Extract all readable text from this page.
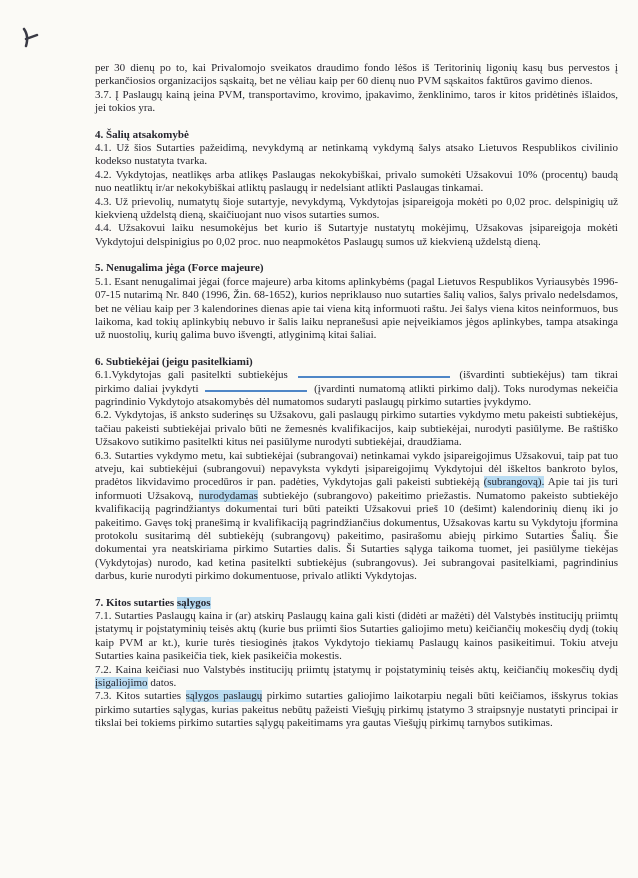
per 30 dienų po to, kai Privalomojo sveikatos draudimo fondo lėšos iš Teritorinių ligonių kasų bus pervestos į perkančiosios organizacijos sąskaitą, bet ne vėliau kaip per 60 dienų nuo PVM sąskaitos faktūros gavimo dienos.

3.7. Į Paslaugų kainą įeina PVM, transportavimo, krovimo, įpakavimo, ženklinimo, taros ir kitos pridėtinės išlaidos, jei tokios yra.

4. Šalių atsakomybė

4.1. Už šios Sutarties pažeidimą, nevykdymą ar netinkamą vykdymą šalys atsako Lietuvos Respublikos civilinio kodekso nustatyta tvarka.

4.2. Vykdytojas, neatlikęs arba atlikęs Paslaugas nekokybiškai, privalo sumokėti Užsakovui 10% (procentų) baudą nuo neatliktų ir/ar nekokybiškai atliktų paslaugų ir nedelsiant atlikti Paslaugas tinkamai.

4.3. Už prievolių, numatytų šioje sutartyje, nevykdymą, Vykdytojas įsipareigoja mokėti po 0,02 proc. delspinigių už kiekvieną uždelstą dieną, skaičiuojant nuo visos sutarties sumos.

4.4. Užsakovui laiku nesumokėjus bet kurio iš Sutartyje nustatytų mokėjimų, Užsakovas įsipareigoja mokėti Vykdytojui delspinigius po 0,02 proc. nuo neapmokėtos Paslaugų sumos už kiekvieną uždelstą dieną.

5. Nenugalima jėga (Force majeure)

5.1. Esant nenugalimai jėgai (force majeure) arba kitoms aplinkybėms (pagal Lietuvos Respublikos Vyriausybės 1996-07-15 nutarimą Nr. 840 (1996, Žin. 68-1652), kurios nepriklauso nuo sutarties šalių valios, šalys privalo nedelsdamos, bet ne vėliau kaip per 3 kalendorines dienas apie tai viena kitą informuoti raštu. Jei šalys viena kitos neinformuos, bus laikoma, kad tokių aplinkybių nebuvo ir šalis laiku nepranešusi apie neįveikiamos jėgos aplinkybes, tampa atsakinga už nuostolių, kurių galima buvo išvengti, atlyginimą kitai šaliai.

6. Subtiekėjai (jeigu pasitelkiami)

6.1.Vykdytojas gali pasitelkti subtiekėjus	(išvardinti subtiekėjus) tam tikrai pirkimo daliai įvykdyti	(įvardinti numatomą atlikti pirkimo dalį). Toks nurodymas nekeičia pagrindinio Vykdytojo atsakomybės dėl numatomos sudaryti paslaugų pirkimo sutarties įvykdymo.

6.2. Vykdytojas, iš anksto suderinęs su Užsakovu, gali paslaugų pirkimo sutarties vykdymo metu pakeisti subtiekėjus, tačiau pakeisti subtiekėjai privalo būti ne žemesnės kvalifikacijos, kaip subtiekėjai, nurodyti pasiūlyme. Be raštiško Užsakovo sutikimo pasitelkti kitus nei pasiūlyme nurodyti subtiekėjai, draudžiama.

6.3. Sutarties vykdymo metu, kai subtiekėjai (subrangovai) netinkamai vykdo įsipareigojimus Užsakovui, taip pat tuo atveju, kai subtiekėjui (subrangovui) nepavyksta vykdyti įsipareigojimų Vykdytojui dėl iškeltos bankroto bylos, pradėtos likvidavimo procedūros ir pan. padėties, Vykdytojas gali pakeisti subtiekėją (subrangovą). Apie tai jis turi informuoti Užsakovą, nurodydamas subtiekėjo (subrangovo) pakeitimo priežastis. Numatomo pakeisto subtiekėjo kvalifikaciją pagrindžiantys dokumentai turi būti pateikti Užsakovui prieš 10 (dešimt) kalendorinių dienų iki jo pakeitimo. Gavęs tokį pranešimą ir kvalifikaciją pagrindžiančius dokumentus, Užsakovas kartu su Vykdytoju įformina protokolu susitarimą dėl subtiekėjų (subrangovų) pakeitimo, pasirašomu abiejų pirkimo Sutarties Šalių. Šie dokumentai yra neatskiriama pirkimo Sutarties dalis. Ši Sutarties sąlyga taikoma tuomet, jei pasiūlyme tiekėjas (Vykdytojas) nurodo, kad ketina pasitelkti subtiekėjus (subrangovus). Jei subrangovai pasitelkiami, pagrindinius darbus, kurie nurodyti pirkimo dokumentuose, privalo atlikti Vykdytojas.

7. Kitos sutarties sąlygos

7.1. Sutarties Paslaugų kaina ir (ar) atskirų Paslaugų kaina gali kisti (didėti ar mažėti) dėl Valstybės institucijų priimtų įstatymų ir poįstatyminių teisės aktų (kurie bus priimti šios Sutarties galiojimo metu) keičiančių mokesčių dydį (tokių kaip PVM ar kt.), kurie turės tiesioginės įtakos Vykdytojo tiekiamų Paslaugų kainos pasikeitimui. Tokiu atveju Sutarties kaina pasikeičia tiek, kiek pasikeičia mokestis.

7.2. Kaina keičiasi nuo Valstybės institucijų priimtų įstatymų ir poįstatyminių teisės aktų, keičiančių mokesčių dydį įsigaliojimo datos.

7.3. Kitos sutarties sąlygos paslaugų pirkimo sutarties galiojimo laikotarpiu negali būti keičiamos, išskyrus tokias pirkimo sutarties sąlygas, kurias pakeitus nebūtų pažeisti Viešųjų pirkimų įstatymo 3 straipsnyje nustatyti principai ir tikslai bei tokiems pirkimo sutarties sąlygų pakeitimams yra gautas Viešųjų pirkimų tarnybos sutikimas.
